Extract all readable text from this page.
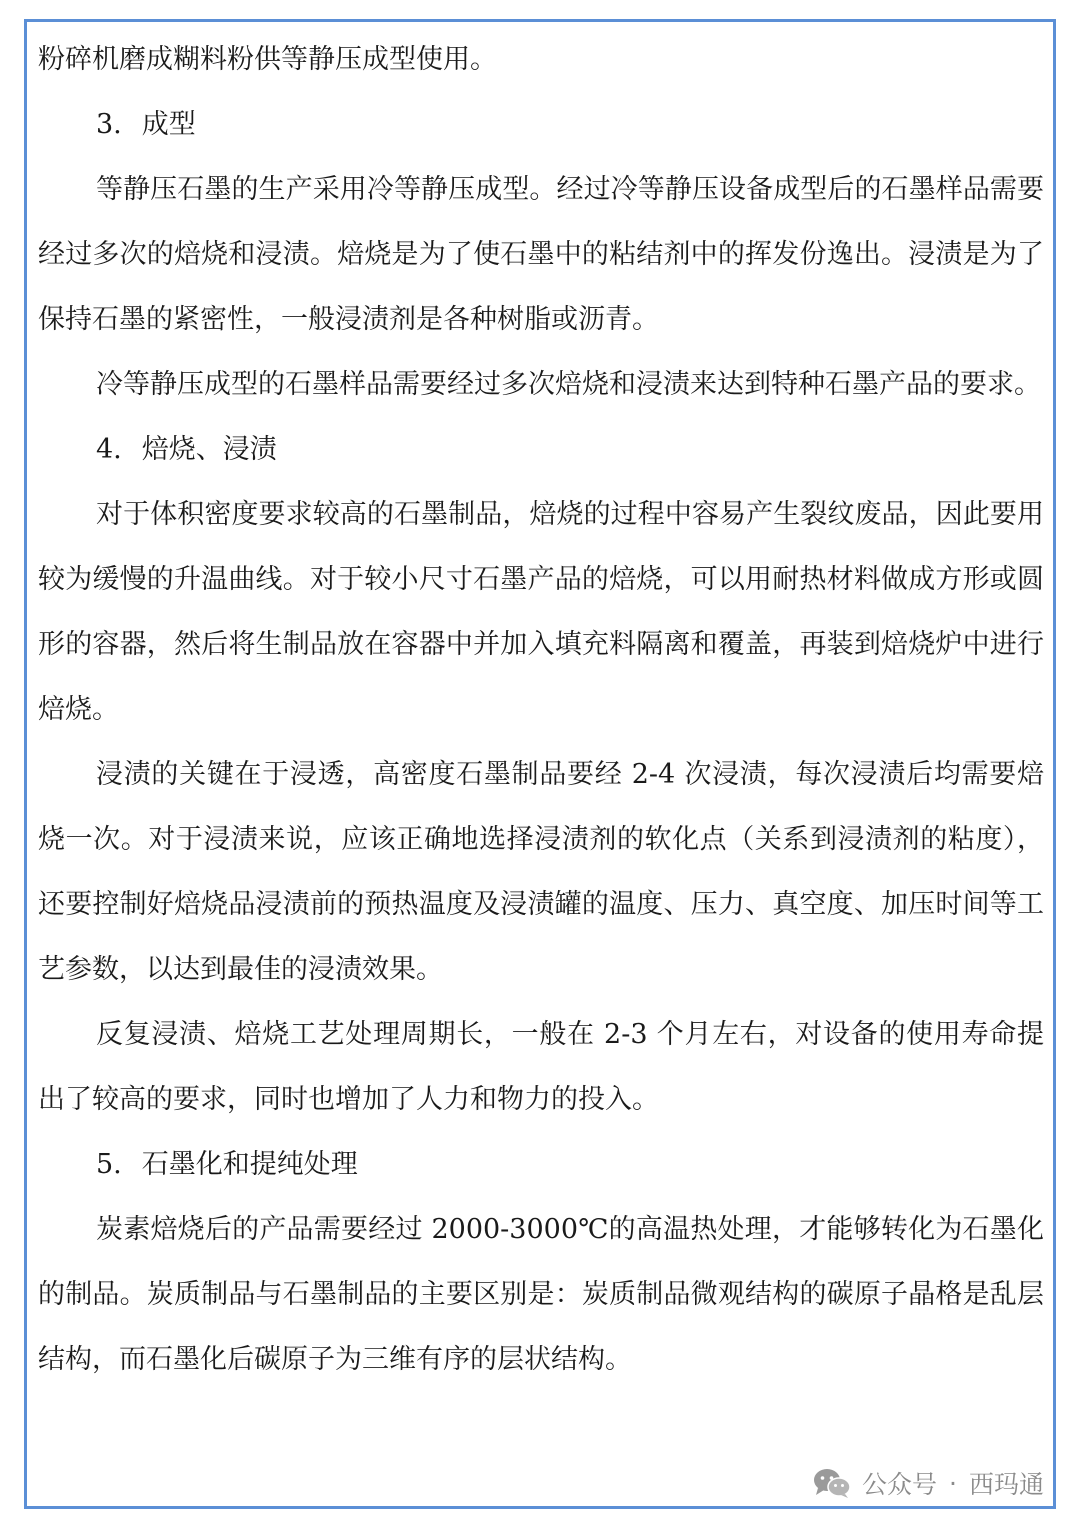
粉碎机磨成糊料粉供等静压成型使用。

3. 成型

等静压石墨的生产采用冷等静压成型。经过冷等静压设备成型后的石墨样品需要经过多次的焙烧和浸渍。焙烧是为了使石墨中的粘结剂中的挥发份逸出。浸渍是为了保持石墨的紧密性，一般浸渍剂是各种树脂或沥青。

冷等静压成型的石墨样品需要经过多次焙烧和浸渍来达到特种石墨产品的要求。

4. 焙烧、浸渍

对于体积密度要求较高的石墨制品，焙烧的过程中容易产生裂纹废品，因此要用较为缓慢的升温曲线。对于较小尺寸石墨产品的焙烧，可以用耐热材料做成方形或圆形的容器，然后将生制品放在容器中并加入填充料隔离和覆盖，再装到焙烧炉中进行焙烧。

浸渍的关键在于浸透，高密度石墨制品要经 2-4 次浸渍，每次浸渍后均需要焙烧一次。对于浸渍来说，应该正确地选择浸渍剂的软化点（关系到浸渍剂的粘度），还要控制好焙烧品浸渍前的预热温度及浸渍罐的温度、压力、真空度、加压时间等工艺参数，以达到最佳的浸渍效果。

反复浸渍、焙烧工艺处理周期长，一般在 2-3 个月左右，对设备的使用寿命提出了较高的要求，同时也增加了人力和物力的投入。

5. 石墨化和提纯处理

炭素焙烧后的产品需要经过 2000-3000℃的高温热处理，才能够转化为石墨化的制品。炭质制品与石墨制品的主要区别是：炭质制品微观结构的碳原子晶格是乱层结构，而石墨化后碳原子为三维有序的层状结构。

公众号 · 西玛通
